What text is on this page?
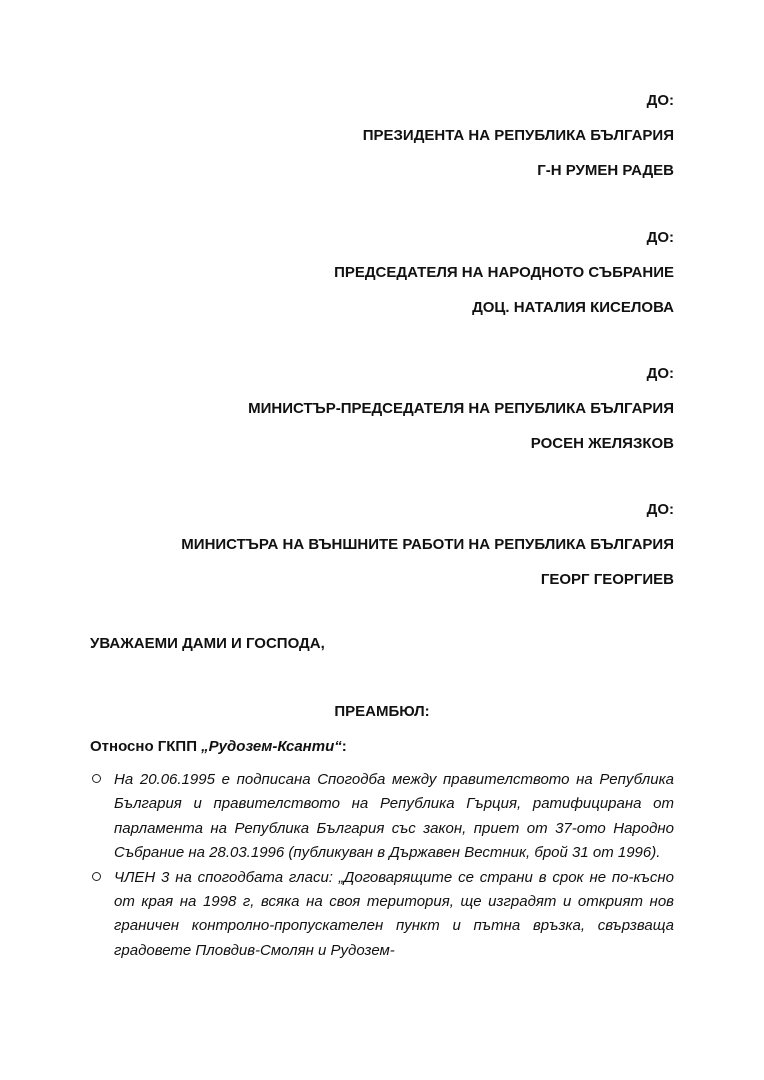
ДО:
ПРЕЗИДЕНТА НА РЕПУБЛИКА БЪЛГАРИЯ
Г-Н РУМЕН РАДЕВ
ДО:
ПРЕДСЕДАТЕЛЯ НА НАРОДНОТО СЪБРАНИЕ
ДОЦ. НАТАЛИЯ КИСЕЛОВА
ДО:
МИНИСТЪР-ПРЕДСЕДАТЕЛЯ НА РЕПУБЛИКА БЪЛГАРИЯ
РОСЕН ЖЕЛЯЗКОВ
ДО:
МИНИСТЪРА НА ВЪНШНИТЕ РАБОТИ НА РЕПУБЛИКА БЪЛГАРИЯ
ГЕОРГ ГЕОРГИЕВ
УВАЖАЕМИ ДАМИ И ГОСПОДА,
ПРЕАМБЮЛ:
Относно ГКПП „Рудозем-Ксанти“:
На 20.06.1995 е подписана Спогодба между правителството на Република България и правителството на Република Гърция, ратифицирана от парламента на Република България със закон, приет от 37-ото Народно Събрание на 28.03.1996 (публикуван в Държавен Вестник, брой 31 от 1996).
ЧЛЕН 3 на спогодбата гласи: „Договарящите се страни в срок не по-късно от края на 1998 г, всяка на своя територия, ще изградят и открият нов граничен контролно-пропускателен пункт и пътна връзка, свързваща градовете Пловдив-Смолян и Рудозем-
